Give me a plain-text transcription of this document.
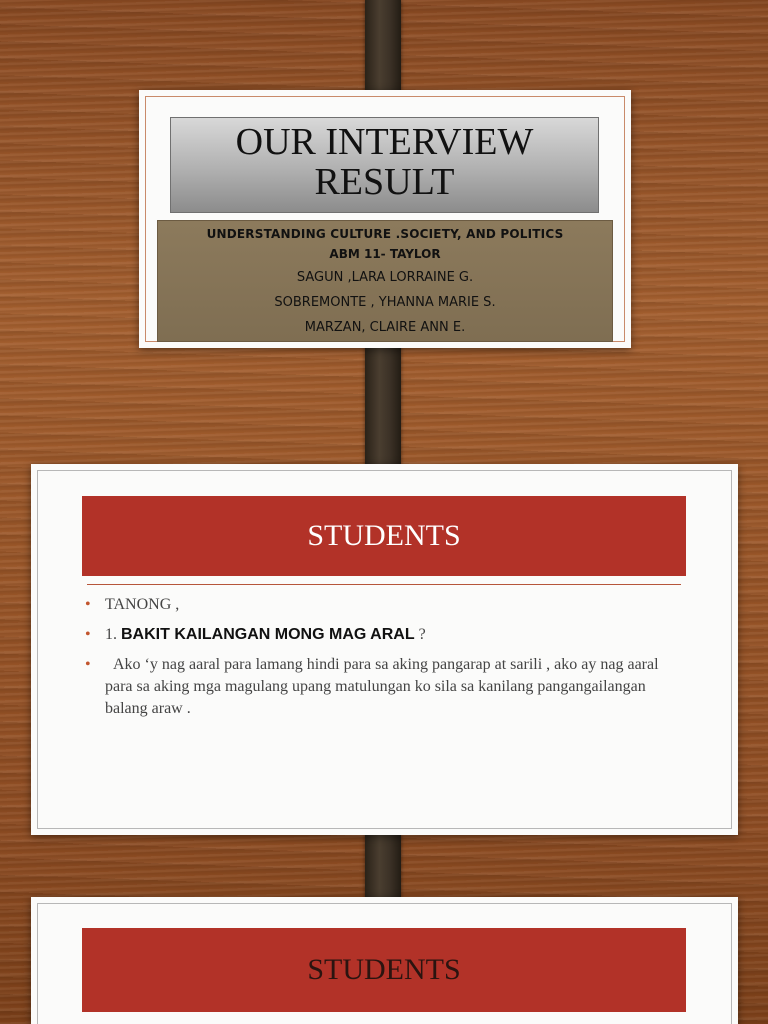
OUR INTERVIEW
RESULT
UNDERSTANDING CULTURE .SOCIETY, AND POLITICS
ABM 11- TAYLOR
SAGUN ,LARA LORRAINE G.
SOBREMONTE , YHANNA MARIE S.
MARZAN, CLAIRE ANN E.
STUDENTS
• TANONG ,
• 1. BAKIT KAILANGAN MONG MAG ARAL ?
• Ako ‘y nag aaral para lamang hindi para sa aking pangarap at sarili , ako ay nag aaral para sa aking mga magulang upang matulungan ko sila sa kanilang pangangailangan balang araw .
STUDENTS
